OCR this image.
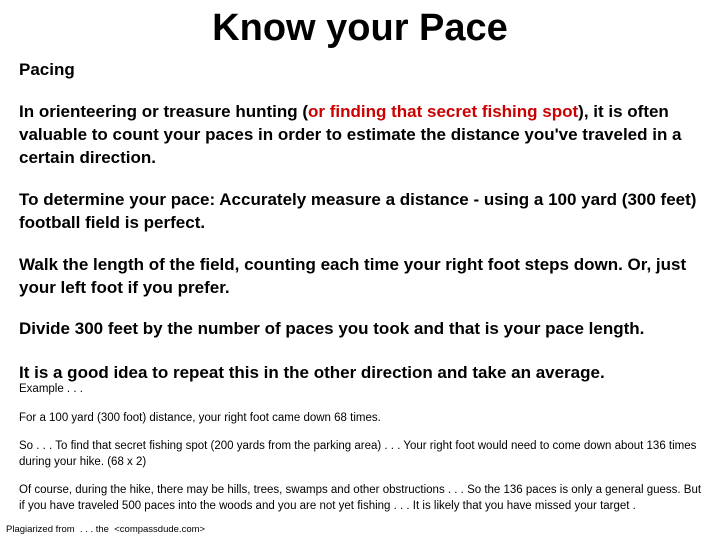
Know your Pace
Pacing
In orienteering or treasure hunting (or finding that secret fishing spot), it is often valuable to count your paces in order to estimate the distance you've traveled in a certain direction.
To determine your pace: Accurately measure a distance - using a 100 yard (300 feet) football field is perfect.
Walk the length of the field, counting each time your right foot steps down. Or, just your left foot if you prefer.
Divide 300 feet by the number of paces you took and that is your pace length.
It is a good idea to repeat this in the other direction and take an average.
Example . . .
For a 100 yard (300 foot) distance, your right foot came down 68 times.
So . . . To find that secret fishing spot (200 yards from the parking area) . . . Your right foot would need to come down about 136 times during your hike. (68 x 2)
Of course, during the hike, there may be hills, trees, swamps and other obstructions . . . So the 136 paces is only a general guess. But if you have traveled 500 paces into the woods and you are not yet fishing . . . It is likely that you have missed your target .
Plagiarized from  . . . the  <compassdude.com>
